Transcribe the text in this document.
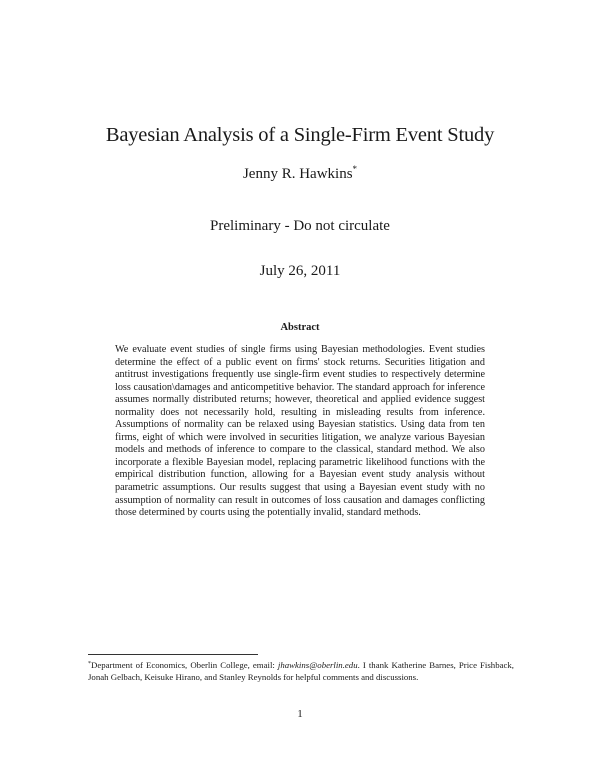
Bayesian Analysis of a Single-Firm Event Study
Jenny R. Hawkins*
Preliminary - Do not circulate
July 26, 2011
Abstract
We evaluate event studies of single firms using Bayesian methodologies. Event studies determine the effect of a public event on firms' stock returns. Securities litigation and antitrust investigations frequently use single-firm event studies to respectively determine loss causation\damages and anticompetitive behavior. The standard approach for inference assumes normally distributed returns; however, theoretical and applied evidence suggest normality does not necessarily hold, resulting in misleading results from inference. Assumptions of normality can be relaxed using Bayesian statistics. Using data from ten firms, eight of which were involved in securities litigation, we analyze various Bayesian models and methods of inference to compare to the classical, standard method. We also incorporate a flexible Bayesian model, replacing parametric likelihood functions with the empirical distribution function, allowing for a Bayesian event study analysis without parametric assumptions. Our results suggest that using a Bayesian event study with no assumption of normality can result in outcomes of loss causation and damages conflicting those determined by courts using the potentially invalid, standard methods.
*Department of Economics, Oberlin College, email: jhawkins@oberlin.edu. I thank Katherine Barnes, Price Fishback, Jonah Gelbach, Keisuke Hirano, and Stanley Reynolds for helpful comments and discussions.
1
